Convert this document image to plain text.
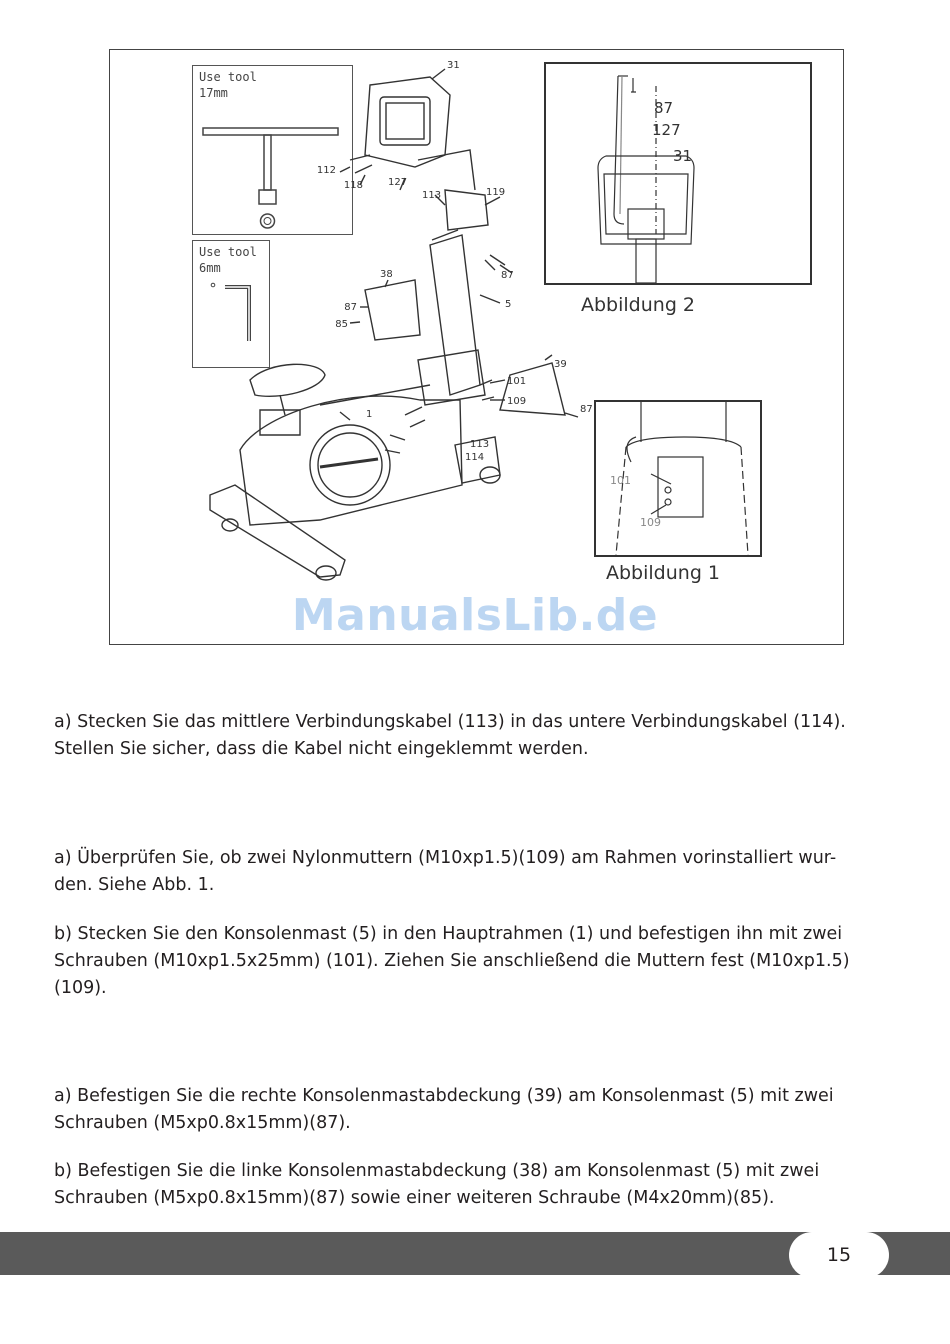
Use tool
17mm
Use tool
6mm
31
112
118	127
113	119
87
5
38
87
85
101
109
39
1
113
114
87
87
127
31
Abbildung 2
101
109
Abbildung 1
ManualsLib.de

a) Stecken Sie das mittlere Verbindungskabel (113) in das untere Verbindungskabel (114).
Stellen Sie sicher, dass die Kabel nicht eingeklemmt werden.

a) Überprüfen Sie, ob zwei Nylonmuttern (M10xp1.5)(109) am Rahmen vorinstalliert wur-
den. Siehe Abb. 1.

b) Stecken Sie den Konsolenmast (5) in den Hauptrahmen (1) und befestigen ihn mit zwei
Schrauben (M10xp1.5x25mm) (101). Ziehen Sie anschließend die Muttern fest (M10xp1.5)
(109).

a) Befestigen Sie die rechte Konsolenmastabdeckung (39) am Konsolenmast (5) mit zwei
Schrauben (M5xp0.8x15mm)(87).

b) Befestigen Sie die linke Konsolenmastabdeckung (38) am Konsolenmast (5) mit zwei
Schrauben (M5xp0.8x15mm)(87) sowie einer weiteren Schraube (M4x20mm)(85).

15
